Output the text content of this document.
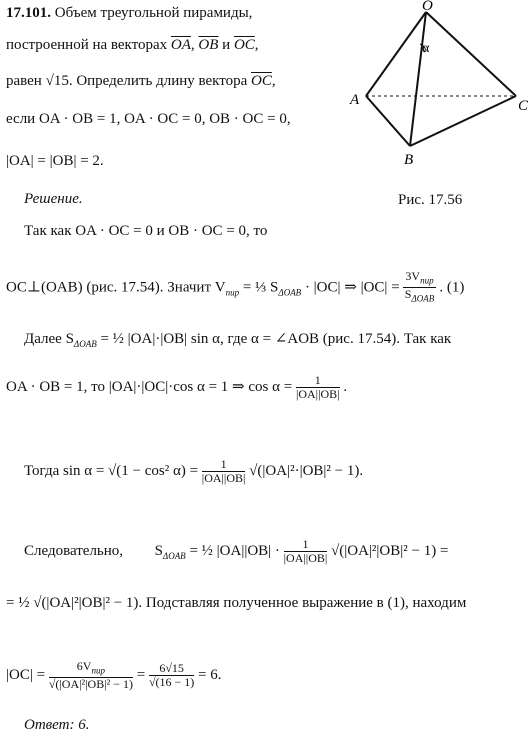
17.101. Объем треугольной пирамиды,
построенной на векторах $\overline{OA}$, $\overline{OB}$ и $\overline{OC}$,
равен √15. Определить длину вектора $\overline{OC}$,
если OA · OB = 1, OA · OC = 0, OB · OC = 0,
|OA| = |OB| = 2.
O
A
B
C
α
Рис. 17.56
Решение.
Так как OA · OC = 0 и OB · OC = 0, то
OC⊥(OAB) (рис. 17.54). Значит $V_{пир}$ = ⅓ $S_{\Delta OAB} \cdot |OC|$ ⇒ $|OC| = \frac{3V_{пир}}{S_{\Delta OAB}}$ . (1)
Далее $S_{\Delta OAB}$ = ½ |OA|·|OB| sin α, где α = ∠AOB (рис. 17.54). Так как
OA · OB = 1, то |OA|·|OC|·cos α = 1 ⇒ $\cos \alpha = \frac{1}{|OA||OB|}$ .
Тогда sin α = √(1 − cos² $\alpha) = \frac{1}{|OA||OB|} √(|OA|^2\cdot|OB|^2 - 1)$.
Следовательно, $S_{\Delta OAB}$ = ½ $|OA||OB| \cdot \frac{1}{|OA||OB|} √(|OA|^2|OB|^2 - 1)$ =
= ½ √(|OA|²|OB|² − 1). Подставляя полученное выражение в (1), находим
$|OC| = \frac{6V_{пир}}{\text{√(|OA|²|OB|² − 1)}} = \frac{6√15}{√(16 - 1)} = 6$.
Ответ: 6.
